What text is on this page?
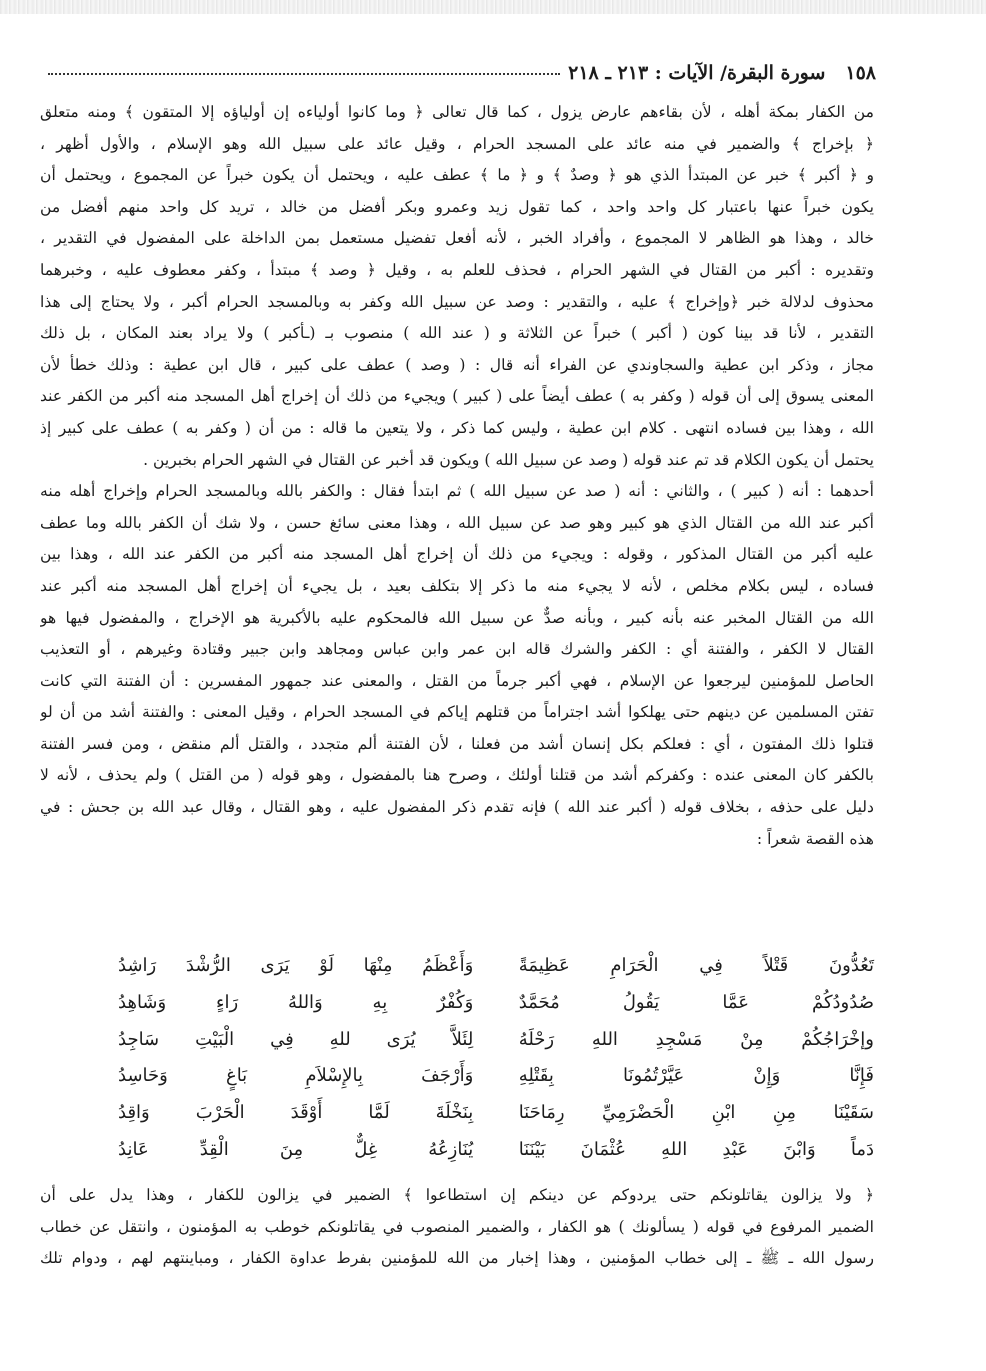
١٥٨
سورة البقرة/ الآيات : ٢١٣ ـ ٢١٨
من الكفار بمكة أهله ، لأن بقاءهم عارض يزول ، كما قال تعالى ﴿ وما كانوا أولياءه إن أولياؤه إلا المتقون ﴾ ومنه متعلق
﴿ بإخراج ﴾ والضمير في منه عائد على المسجد الحرام ، وقيل عائد على سبيل الله وهو الإسلام ، والأول أظهر ،
و ﴿ أكبر ﴾ خبر عن المبتدأ الذي هو ﴿ وصدٌ ﴾ و ﴿ ما ﴾ عطف عليه ، ويحتمل أن يكون خبراً عن المجموع ، ويحتمل أن
يكون خبراً عنها باعتبار كل واحد واحد ، كما تقول زيد وعمرو وبكر أفضل من خالد ، تريد كل واحد منهم أفضل من
خالد ، وهذا هو الظاهر لا المجموع ، وأفراد الخبر ، لأنه أفعل تفضيل مستعمل بمن الداخلة على المفضول في التقدير ،
وتقديره : أكبر من القتال في الشهر الحرام ، فحذف للعلم به ، وقيل ﴿ وصد ﴾ مبتدأ ، وكفر معطوف عليه ، وخبرهما
محذوف لدلالة خبر ﴿وإخراج ﴾ عليه ، والتقدير : وصد عن سبيل الله وكفر به وبالمسجد الحرام أكبر ، ولا يحتاج إلى هذا
التقدير ، لأنا قد بينا كون ( أكبر ) خبراً عن الثلاثة و ( عند الله ) منصوب بـ (ـأكبر ) ولا يراد بعند المكان ، بل ذلك
مجاز ، وذكر ابن عطية والسجاوندي عن الفراء أنه قال : ( وصد ) عطف على كبير ، قال ابن عطية : وذلك خطأ لأن
المعنى يسوق إلى أن قوله ( وكفر به ) عطف أيضاً على ( كبير ) ويجيء من ذلك أن إخراج أهل المسجد منه أكبر من الكفر عند
الله ، وهذا بين فساده انتهى . كلام ابن عطية ، وليس كما ذكر ، ولا يتعين ما قاله : من أن ( وكفر به ) عطف على كبير إذ
يحتمل أن يكون الكلام قد تم عند قوله ( وصد عن سبيل الله ) ويكون قد أخبر عن القتال في الشهر الحرام بخبرين .
أحدهما : أنه ( كبير ) ، والثاني : أنه ( صد عن سبيل الله ) ثم ابتدأ فقال : والكفر بالله وبالمسجد الحرام وإخراج أهله منه
أكبر عند الله من القتال الذي هو كبير وهو صد عن سبيل الله ، وهذا معنى سائغ حسن ، ولا شك أن الكفر بالله وما عطف
عليه أكبر من القتال المذكور ، وقوله : ويجيء من ذلك أن إخراج أهل المسجد منه أكبر من الكفر عند الله ، وهذا بين
فساده ، ليس بكلام مخلص ، لأنه لا يجيء منه ما ذكر إلا بتكلف بعيد ، بل يجيء أن إخراج أهل المسجد منه أكبر عند
الله من القتال المخبر عنه بأنه كبير ، وبأنه صدٌّ عن سبيل الله فالمحكوم عليه بالأكبرية هو الإخراج ، والمفضول فيها هو
القتال لا الكفر ، والفتنة أي : الكفر والشرك قاله ابن عمر وابن عباس ومجاهد وابن جبير وقتادة وغيرهم ، أو التعذيب
الحاصل للمؤمنين ليرجعوا عن الإسلام ، فهي أكبر جرماً من القتل ، والمعنى عند جمهور المفسرين : أن الفتنة التي كانت
تفتن المسلمين عن دينهم حتى يهلكوا أشد اجتراماً من قتلهم إياكم في المسجد الحرام ، وقيل المعنى : والفتنة أشد من أن لو
قتلوا ذلك المفتون ، أي : فعلكم بكل إنسان أشد من فعلنا ، لأن الفتنة ألم متجدد ، والقتل ألم منقض ، ومن فسر الفتنة
بالكفر كان المعنى عنده : وكفركم أشد من قتلنا أولئك ، وصرح هنا بالمفضول ، وهو قوله ( من القتل ) ولم يحذف ، لأنه لا
دليل على حذفه ، بخلاف قوله ( أكبر عند الله ) فإنه تقدم ذكر المفضول عليه ، وهو القتال ، وقال عبد الله بن جحش : في
هذه القصة شعراً :
تَعُدُّونَ قَتْلاً فِي الْحَرَامِ عَظِيمَةً
وَأَعْظَمُ مِنْهَا لَوْ يَرَى الرُّشْدَ رَاشِدُ
صُدُودُكُمْ عَمَّا يَقُولُ مُحَمَّدٌ
وَكُفْرٌ بِهِ وَاللهُ رَاءٍ وَشَاهِدُ
وإخْرَاجُكُمْ مِنْ مَسْجِدِ اللهِ رَحْلَهُ
لِئَلاَّ يُرَى للهِ فِي الْبَيْتِ سَاجِدُ
فَإِنَّا وَإِنْ عَيَّرْتُمُونَا بِقَتْلِهِ
وَأَرْجَفَ بِالإِسْلاَمِ بَاغٍ وَحَاسِدُ
سَقَيْنَا مِنِ ابْنِ الْحَضْرَمِيِّ رِمَاحَنَا
بِنَخْلَةَ لَمَّا أَوْقَدَ الْحَرْبَ وَاقِدُ
دَماً وَابْنَ عَبْدِ اللهِ عُثْمَانَ بَيْنَنَا
يُنَازِعُهُ غِلٌّ مِنَ الْقِدِّ عَانِدُ
﴿ ولا يزالون يقاتلونكم حتى يردوكم عن دينكم إن استطاعوا ﴾ الضمير في يزالون للكفار ، وهذا يدل على أن
الضمير المرفوع في قوله ( يسألونك ) هو الكفار ، والضمير المنصوب في يقاتلونكم خوطب به المؤمنون ، وانتقل عن خطاب
رسول الله ـ ﷺ ـ إلى خطاب المؤمنين ، وهذا إخبار من الله للمؤمنين بفرط عداوة الكفار ، ومباينتهم لهم ، ودوام تلك
